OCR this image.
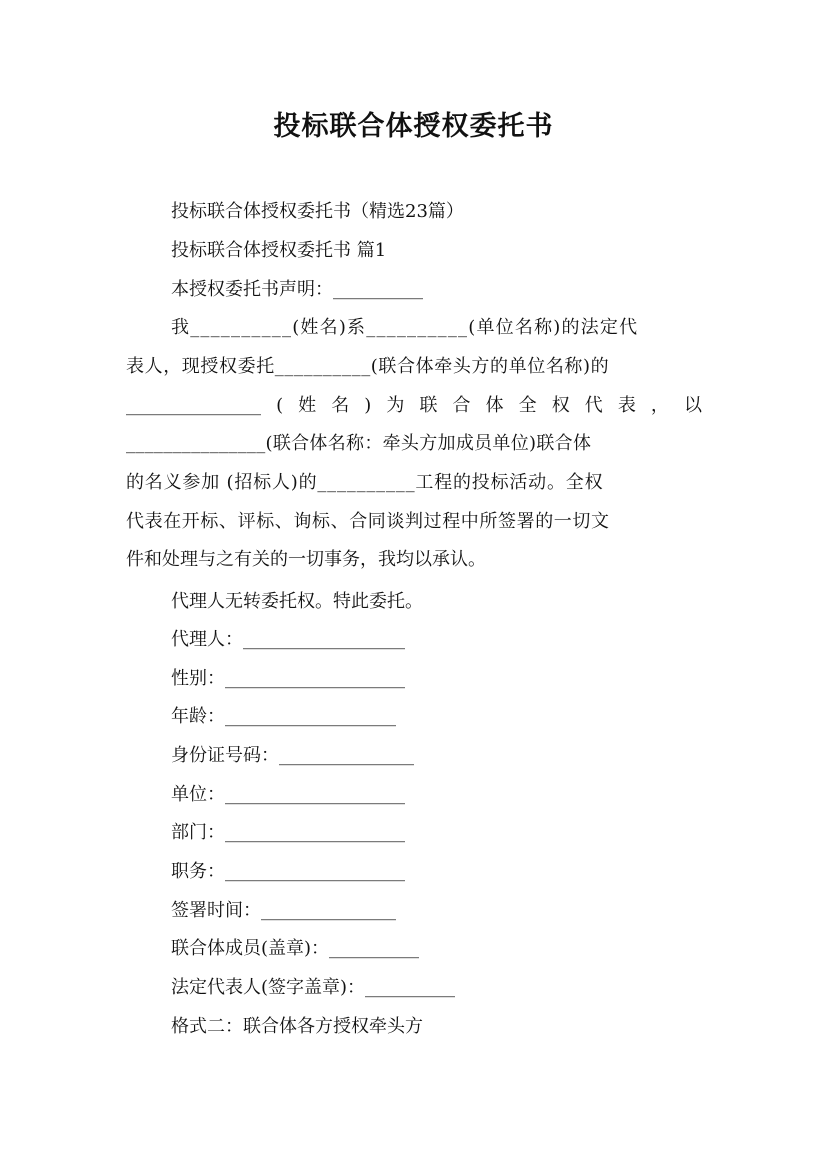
投标联合体授权委托书
投标联合体授权委托书（精选23篇）
投标联合体授权委托书 篇1
本授权委托书声明：__________
我__________(姓名)系__________(单位名称)的法定代
表人，现授权委托__________(联合体牵头方的单位名称)的
_______________ ( 姓 名 ) 为 联 合 体 全 权 代 表 ， 以
_______________(联合体名称：牵头方加成员单位)联合体
的名义参加 (招标人)的__________工程的投标活动。全权
代表在开标、评标、询标、合同谈判过程中所签署的一切文
件和处理与之有关的一切事务，我均以承认。
代理人无转委托权。特此委托。
代理人：__________________
性别：____________________
年龄：___________________
身份证号码：_______________
单位：____________________
部门：____________________
职务：____________________
签署时间：_______________
联合体成员(盖章)：__________
法定代表人(签字盖章)：__________
格式二：联合体各方授权牵头方
